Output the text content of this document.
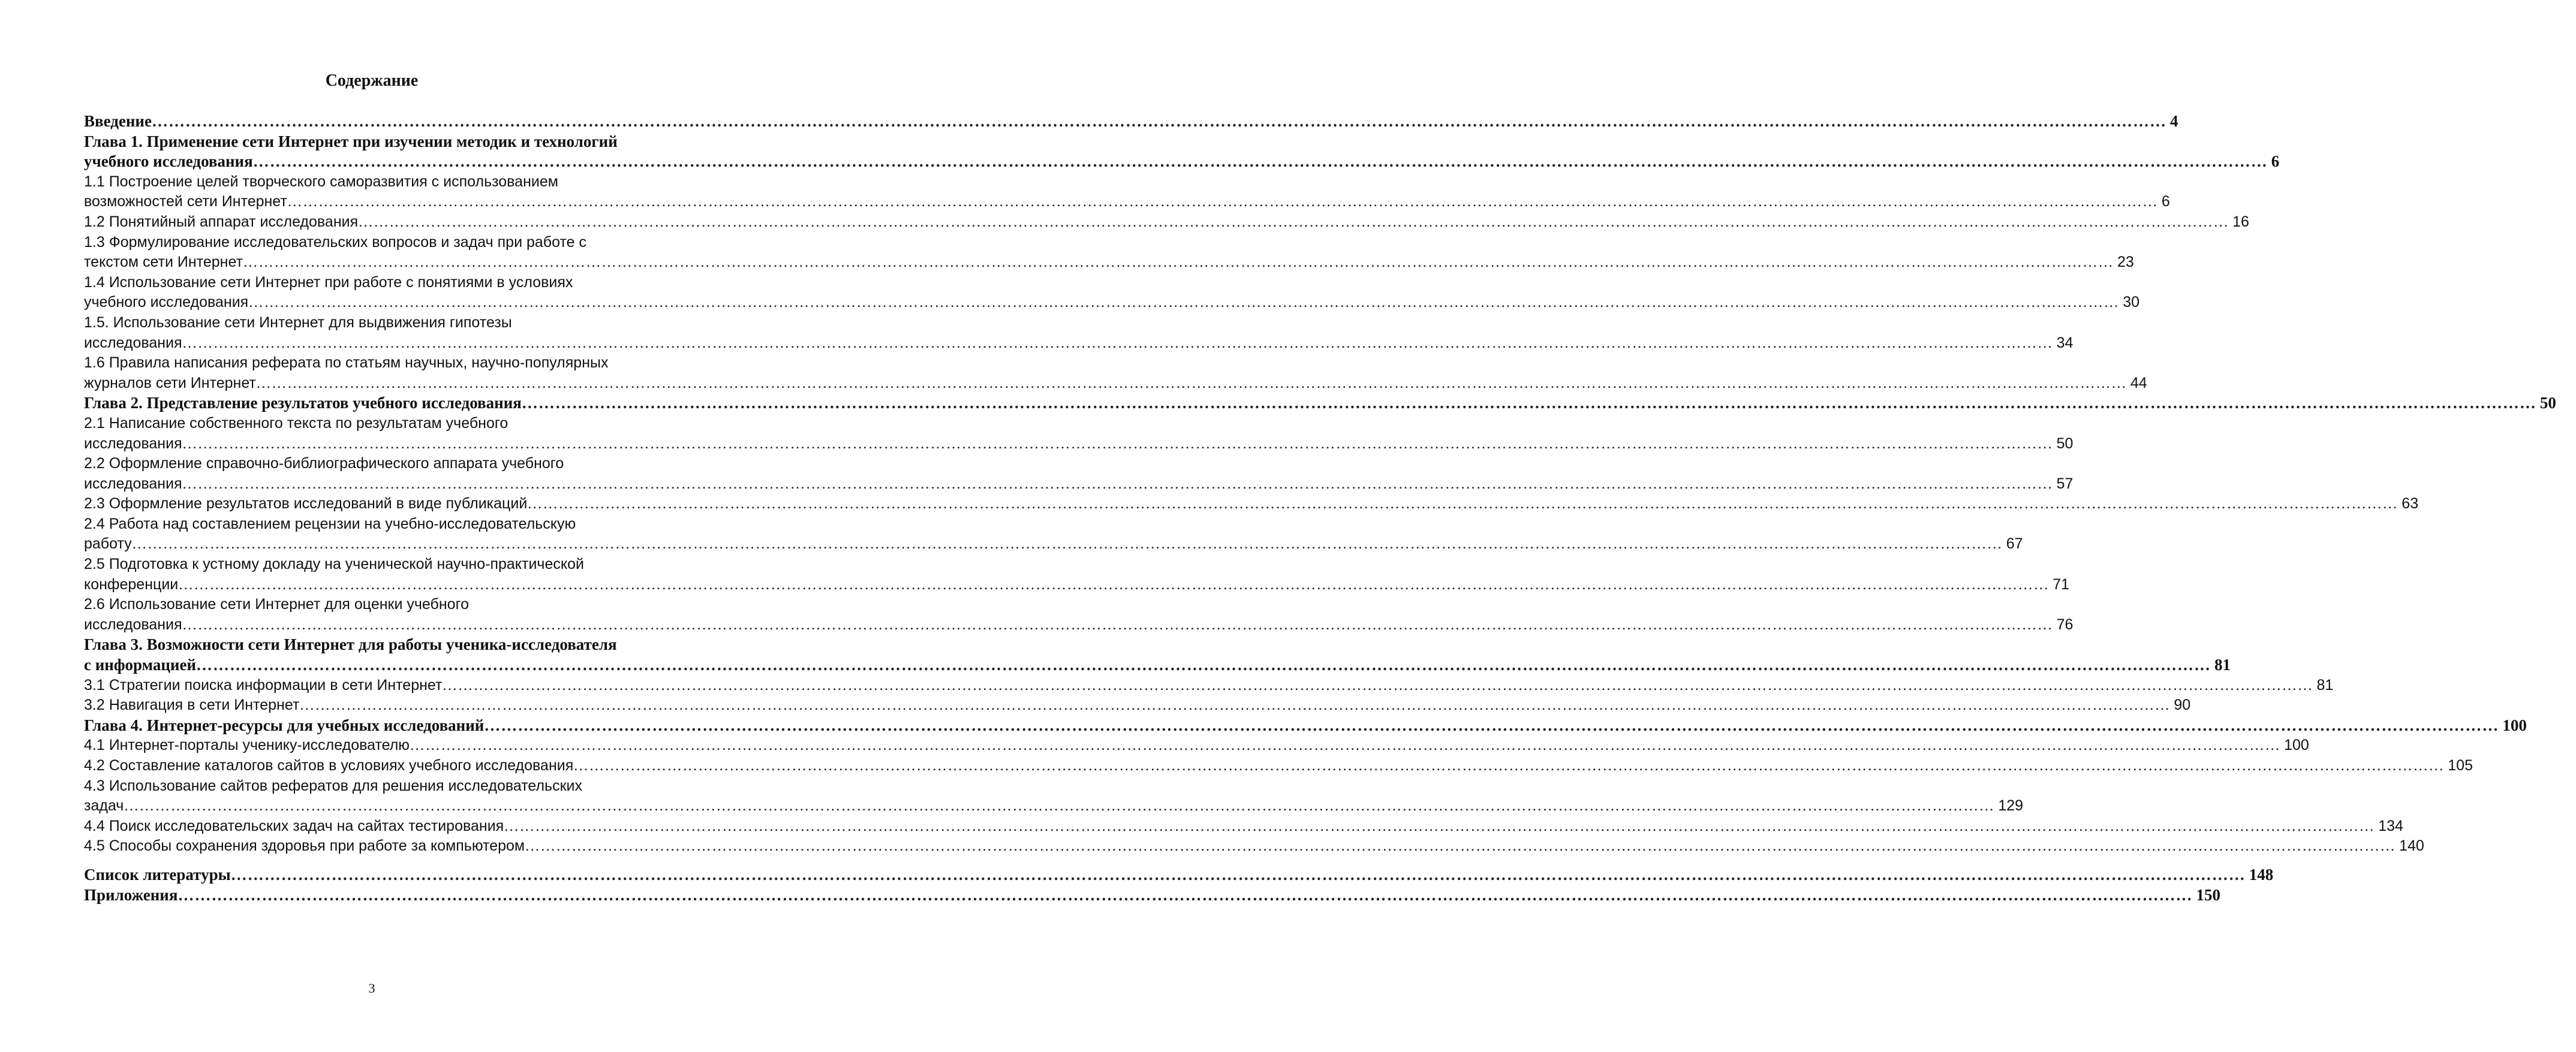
Содержание
Введение……………………………………………………………………………………………………………………………………………………………………………………………………………………………………………………………………………………………………………………………… 4
Глава 1. Применение сети Интернет при изучении методик и технологий
учебного исследования……………………………………………………………………………………………………………………………………………………………………………………………………………………………………………………………………………………………………………………………… 6
1.1 Построение целей творческого саморазвития с использованием
возможностей сети Интернет……………………………………………………………………………………………………………………………………………………………………………………………………………………………………………………………………………………………………………………………… 6
1.2 Понятийный аппарат исследования……………………………………………………………………………………………………………………………………………………………………………………………………………………………………………………………………………………………………………………………… 16
1.3 Формулирование исследовательских вопросов и задач при работе с
текстом сети Интернет……………………………………………………………………………………………………………………………………………………………………………………………………………………………………………………………………………………………………………………………… 23
1.4 Использование сети Интернет при работе с понятиями в условиях
учебного исследования……………………………………………………………………………………………………………………………………………………………………………………………………………………………………………………………………………………………………………………………… 30
1.5. Использование сети Интернет для выдвижения гипотезы
исследования……………………………………………………………………………………………………………………………………………………………………………………………………………………………………………………………………………………………………………………………… 34
1.6 Правила написания реферата по статьям научных, научно-популярных
журналов сети Интернет……………………………………………………………………………………………………………………………………………………………………………………………………………………………………………………………………………………………………………………………… 44
Глава 2. Представление результатов учебного исследования……………………………………………………………………………………………………………………………………………………………………………………………………………………………………………………………………………………………………………………………… 50
2.1 Написание собственного текста по результатам учебного
исследования……………………………………………………………………………………………………………………………………………………………………………………………………………………………………………………………………………………………………………………………… 50
2.2 Оформление справочно-библиографического аппарата учебного
исследования……………………………………………………………………………………………………………………………………………………………………………………………………………………………………………………………………………………………………………………………… 57
2.3 Оформление результатов исследований в виде публикаций……………………………………………………………………………………………………………………………………………………………………………………………………………………………………………………………………………………………………………………………… 63
2.4 Работа над составлением рецензии на учебно-исследовательскую
работу……………………………………………………………………………………………………………………………………………………………………………………………………………………………………………………………………………………………………………………………… 67
2.5 Подготовка к устному докладу на ученической научно-практической
конференции……………………………………………………………………………………………………………………………………………………………………………………………………………………………………………………………………………………………………………………………… 71
2.6 Использование сети Интернет для оценки учебного
исследования……………………………………………………………………………………………………………………………………………………………………………………………………………………………………………………………………………………………………………………………… 76
Глава 3. Возможности сети Интернет для работы ученика-исследователя
с информацией……………………………………………………………………………………………………………………………………………………………………………………………………………………………………………………………………………………………………………………………… 81
3.1 Стратегии поиска информации в сети Интернет……………………………………………………………………………………………………………………………………………………………………………………………………………………………………………………………………………………………………………………………… 81
3.2 Навигация в сети Интернет……………………………………………………………………………………………………………………………………………………………………………………………………………………………………………………………………………………………………………………………… 90
Глава 4. Интернет-ресурсы для учебных исследований……………………………………………………………………………………………………………………………………………………………………………………………………………………………………………………………………………………………………………………………… 100
4.1 Интернет-порталы ученику-исследователю……………………………………………………………………………………………………………………………………………………………………………………………………………………………………………………………………………………………………………………………… 100
4.2 Составление каталогов сайтов в условиях учебного исследования……………………………………………………………………………………………………………………………………………………………………………………………………………………………………………………………………………………………………………………………… 105
4.3 Использование сайтов рефератов для решения исследовательских
задач……………………………………………………………………………………………………………………………………………………………………………………………………………………………………………………………………………………………………………………………… 129
4.4 Поиск исследовательских задач на сайтах тестирования……………………………………………………………………………………………………………………………………………………………………………………………………………………………………………………………………………………………………………………………… 134
4.5 Способы сохранения здоровья при работе за компьютером……………………………………………………………………………………………………………………………………………………………………………………………………………………………………………………………………………………………………………………………… 140
Список литературы……………………………………………………………………………………………………………………………………………………………………………………………………………………………………………………………………………………………………………………………… 148
Приложения……………………………………………………………………………………………………………………………………………………………………………………………………………………………………………………………………………………………………………………………… 150
3
